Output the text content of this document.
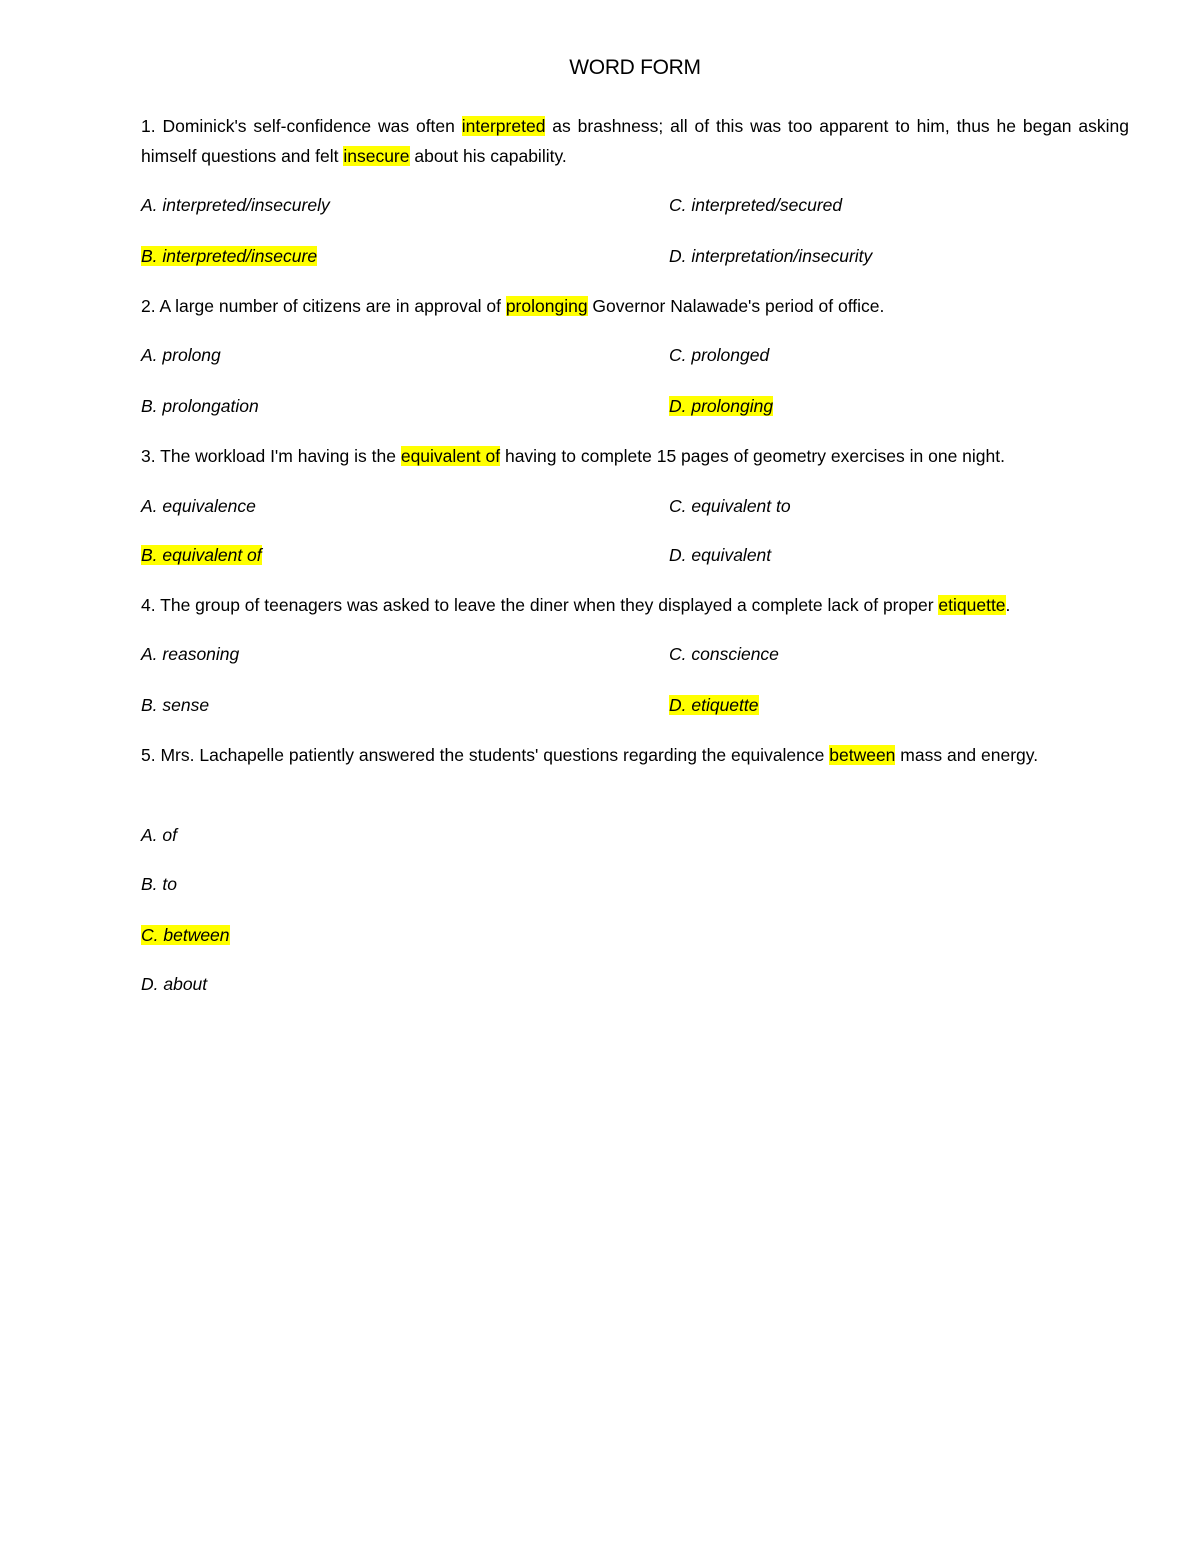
WORD FORM
1. Dominick's self-confidence was often interpreted as brashness; all of this was too apparent to him, thus he began asking himself questions and felt insecure about his capability.
A. interpreted/insecurely	C. interpreted/secured
B. interpreted/insecure	D. interpretation/insecurity
2. A large number of citizens are in approval of prolonging Governor Nalawade's period of office.
A. prolong	C. prolonged
B. prolongation	D. prolonging
3. The workload I'm having is the equivalent of having to complete 15 pages of geometry exercises in one night.
A. equivalence	C. equivalent to
B. equivalent of	D. equivalent
4. The group of teenagers was asked to leave the diner when they displayed a complete lack of proper etiquette.
A. reasoning	C. conscience
B. sense	D. etiquette
5. Mrs. Lachapelle patiently answered the students' questions regarding the equivalence between mass and energy.
A. of
B. to
C. between
D. about
